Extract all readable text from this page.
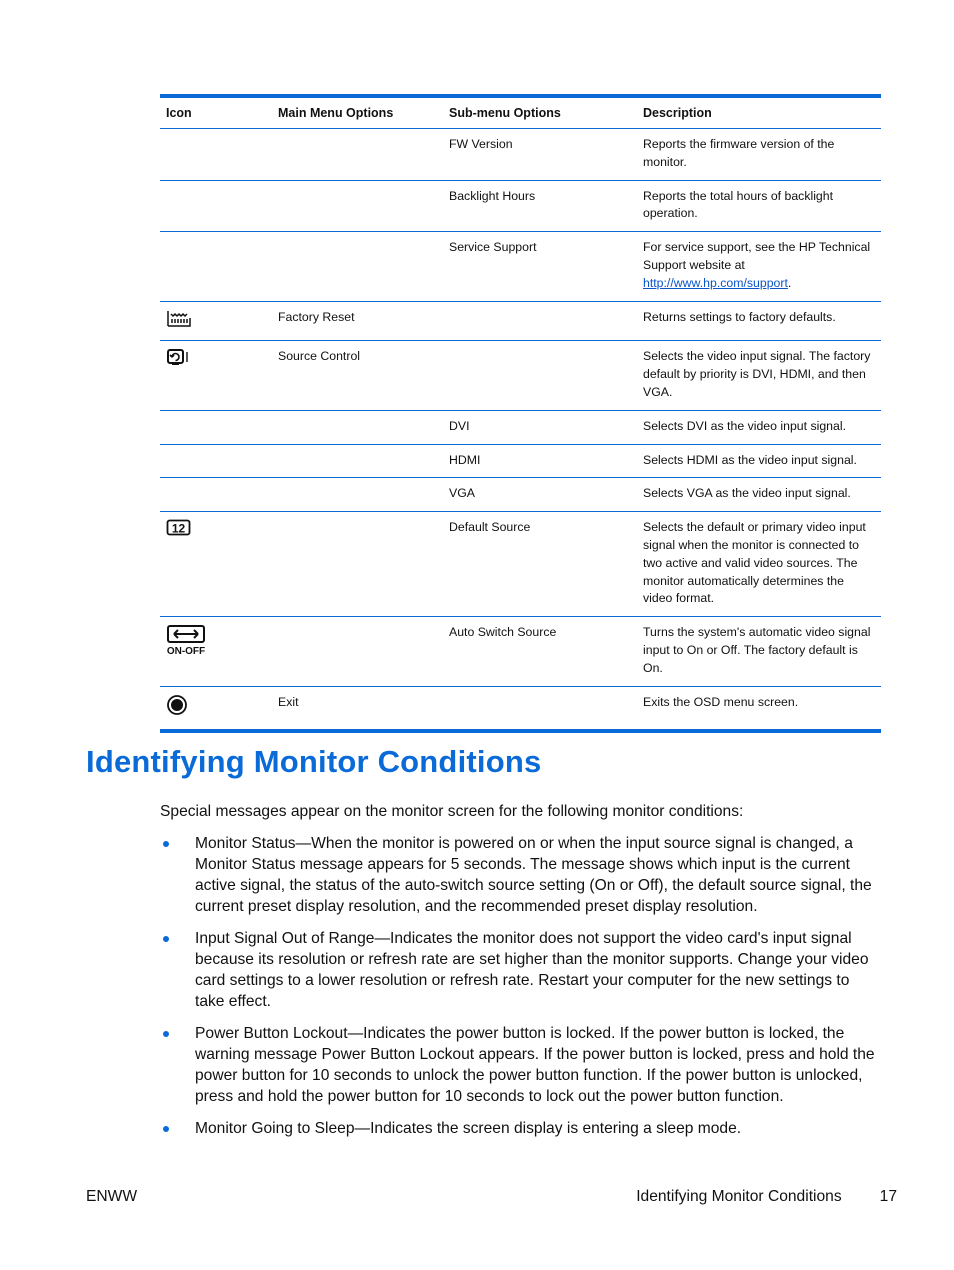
Icon	Main Menu Options	Sub-menu Options	Description
		FW Version	Reports the firmware version of the monitor.
		Backlight Hours	Reports the total hours of backlight operation.
		Service Support	For service support, see the HP Technical Support website at http://www.hp.com/support.
	Factory Reset		Returns settings to factory defaults.
	Source Control		Selects the video input signal. The factory default by priority is DVI, HDMI, and then VGA.
		DVI	Selects DVI as the video input signal.
		HDMI	Selects HDMI as the video input signal.
		VGA	Selects VGA as the video input signal.

12		Default Source	Selects the default or primary video input signal when the monitor is connected to two active and valid video sources. The monitor automatically determines the video format.

ON-OFF		Auto Switch Source	Turns the system's automatic video signal input to On or Off. The factory default is On.
	Exit		Exits the OSD menu screen.
Identifying Monitor Conditions

Special messages appear on the monitor screen for the following monitor conditions:

Monitor Status—When the monitor is powered on or when the input source signal is changed, a Monitor Status message appears for 5 seconds. The message shows which input is the current active signal, the status of the auto-switch source setting (On or Off), the default source signal, the current preset display resolution, and the recommended preset display resolution.
Input Signal Out of Range—Indicates the monitor does not support the video card's input signal because its resolution or refresh rate are set higher than the monitor supports. Change your video card settings to a lower resolution or refresh rate. Restart your computer for the new settings to take effect.
Power Button Lockout—Indicates the power button is locked. If the power button is locked, the warning message Power Button Lockout appears. If the power button is locked, press and hold the power button for 10 seconds to unlock the power button function. If the power button is unlocked, press and hold the power button for 10 seconds to lock out the power button function.
Monitor Going to Sleep—Indicates the screen display is entering a sleep mode.
ENWW	Identifying Monitor Conditions 17
